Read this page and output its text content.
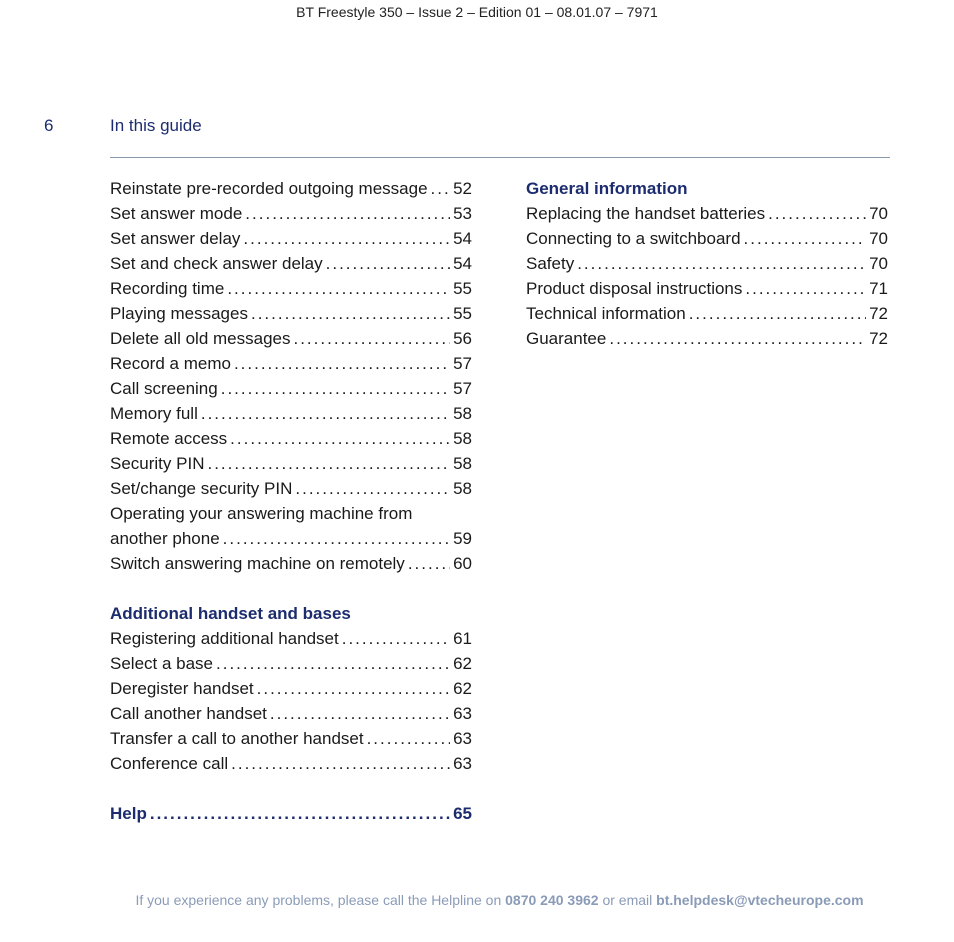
BT Freestyle 350 – Issue 2 – Edition 01 – 08.01.07 – 7971
6	In this guide
Reinstate pre-recorded outgoing message ..... 52
Set answer mode .....	53
Set answer delay .....	54
Set and check answer delay .....	54
Recording time .....	55
Playing messages .....	55
Delete all old messages .....	56
Record a memo .....	57
Call screening .....	57
Memory full .....	58
Remote access .....	58
Security PIN .....	58
Set/change security PIN .....	58
Operating your answering machine from
another phone .....	59
Switch answering machine on remotely .....	60
Additional handset and bases
Registering additional handset .....	61
Select a base .....	62
Deregister handset .....	62
Call another handset .....	63
Transfer a call to another handset .....	63
Conference call .....	63
Help .....	65
General information
Replacing the handset batteries .....	70
Connecting to a switchboard .....	70
Safety .....	70
Product disposal instructions .....	71
Technical information .....	72
Guarantee .....	72
If you experience any problems, please call the Helpline on 0870 240 3962 or email bt.helpdesk@vtecheurope.com
